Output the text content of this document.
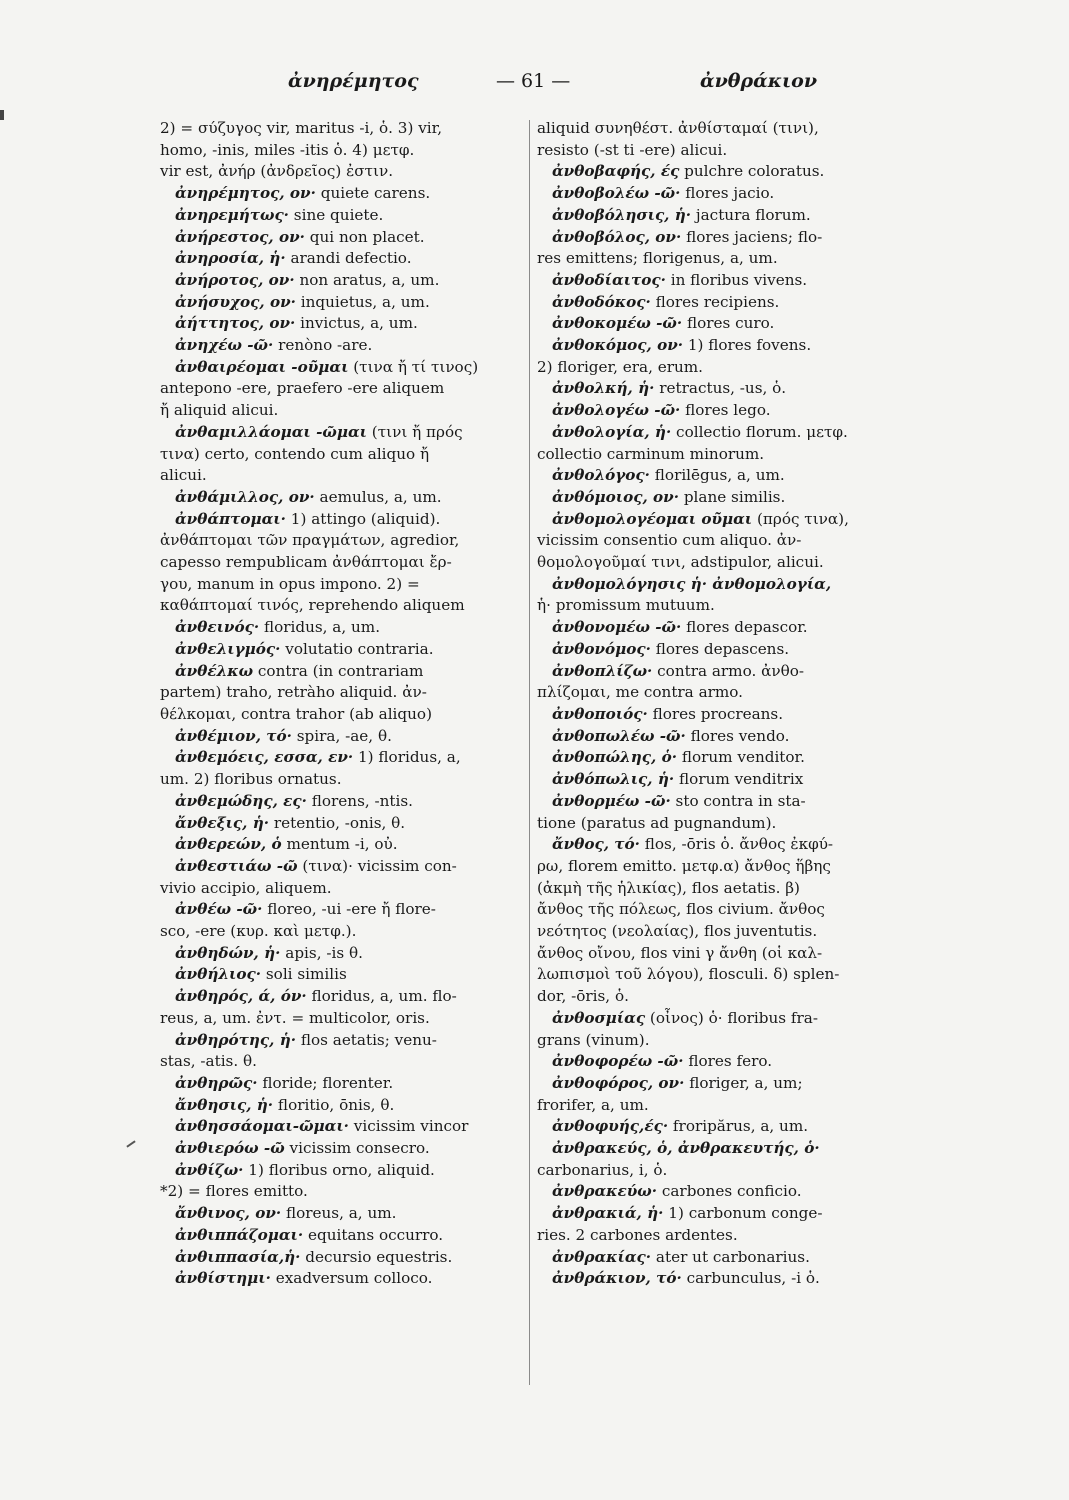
ἀνηρέμητος	— 61 —	ἀνθράκιον

2) = σύζυγος vir, maritus -i, ὁ. 3) vir,

homo, -inis, miles -itis ὁ. 4) μετφ.

vir est, ἀνήρ (ἀνδρεῖος) ἐστιν.

ἀνηρέμητος, ον· quiete carens.

ἀνηρεμήτως· sine quiete.

ἀνήρεστος, ον· qui non placet.

ἀνηροσία, ἡ· arandi defectio.

ἀνήροτος, ον· non aratus, a, um.

ἀνήσυχος, ον· inquietus, a, um.

ἀήττητος, ον· invictus, a, um.

ἀνηχέω -ῶ· renòno -are.

ἀνθαιρέομαι -οῦμαι (τινα ἤ τί τινος)

antepono -ere, praefero -ere aliquem

ἤ aliquid alicui.

ἀνθαμιλλάομαι -ῶμαι (τινι ἤ πρός

τινα) certo, contendo cum aliquo ἤ

alicui.

ἀνθάμιλλος, ον· aemulus, a, um.

ἀνθάπτομαι· 1) attingo (aliquid).

ἀνθάπτομαι τῶν πραγμάτων, agredior,

capesso rempublicam ἀνθάπτομαι ἔρ-

γου, manum in opus impono. 2) =

καθάπτομαί τινός, reprehendo aliquem

ἀνθεινός· floridus, a, um.

ἀνθελιγμός· volutatio contraria.

ἀνθέλκω contra (in contrariam

partem) traho, retràho aliquid. ἀν-

θέλκομαι, contra trahor (ab aliquo)

ἀνθέμιον, τό· spira, -ae, θ.

ἀνθεμόεις, εσσα, εν· 1) floridus, a,

um. 2) floribus ornatus.

ἀνθεμώδης, ες· florens, -ntis.

ἄνθεξις, ἡ· retentio, -onis, θ.

ἀνθερεών, ὁ mentum -i, οὐ.

ἀνθεστιάω -ῶ (τινα)· vicissim con-

vivio accipio, aliquem.

ἀνθέω -ῶ· floreo, -ui -ere ἤ flore-

sco, -ere (κυρ. καὶ μετφ.).

ἀνθηδών, ἡ· apis, -is θ.

ἀνθήλιος· soli similis

ἀνθηρός, ά, όν· floridus, a, um. flo-

reus, a, um. ἐντ. = multicolor, oris.

ἀνθηρότης, ἡ· flos aetatis; venu-

stas, -atis. θ.

ἀνθηρῶς· floride; florenter.

ἄνθησις, ἡ· floritio, ōnis, θ.

ἀνθησσάομαι-ῶμαι· vicissim vincor

ἀνθιερόω -ῶ vicissim consecro.

ἀνθίζω· 1) floribus orno, aliquid.

*2) = flores emitto.

ἄνθινος, ον· floreus, a, um.

ἀνθιππάζομαι· equitans occurro.

ἀνθιππασία,ἡ· decursio equestris.

ἀνθίστημι· exadversum colloco.

aliquid συνηθέστ. ἀνθίσταμαί (τινι),

resisto (-st ti -ere) alicui.

ἀνθοβαφής, ές pulchre coloratus.

ἀνθοβολέω -ῶ· flores jacio.

ἀνθοβόλησις, ἡ· jactura florum.

ἀνθοβόλος, ον· flores jaciens; flo-

res emittens; florigenus, a, um.

ἀνθοδίαιτος· in floribus vivens.

ἀνθοδόκος· flores recipiens.

ἀνθοκομέω -ῶ· flores curo.

ἀνθοκόμος, ον· 1) flores fovens.

2) floriger, era, erum.

ἀνθολκή, ἡ· retractus, -us, ὁ.

ἀνθολογέω -ῶ· flores lego.

ἀνθολογία, ἡ· collectio florum. μετφ.

collectio carminum minorum.

ἀνθολόγος· florilēgus, a, um.

ἀνθόμοιος, ον· plane similis.

ἀνθομολογέομαι οῦμαι (πρός τινα),

vicissim consentio cum aliquo. ἀν-

θομολογοῦμαί τινι, adstipulor, alicui.

ἀνθομολόγησις ἡ· ἀνθομολογία,

ἡ· promissum mutuum.

ἀνθονομέω -ῶ· flores depascor.

ἀνθονόμος· flores depascens.

ἀνθοπλίζω· contra armo. ἀνθο-

πλίζομαι, me contra armo.

ἀνθοποιός· flores procreans.

ἀνθοπωλέω -ῶ· flores vendo.

ἀνθοπώλης, ὁ· florum venditor.

ἀνθόπωλις, ἡ· florum venditrix

ἀνθορμέω -ῶ· sto contra in sta-

tione (paratus ad pugnandum).

ἄνθος, τό· flos, -ōris ὁ. ἄνθος ἐκφύ-

ρω, florem emitto. μετφ.α) ἄνθος ἥβης

(ἀκμὴ τῆς ἡλικίας), flos aetatis. β)

ἄνθος τῆς πόλεως, flos civium. ἄνθος

νεότητος (νεολαίας), flos juventutis.

ἄνθος οἴνου, flos vini γ ἄνθη (οἱ καλ-

λωπισμοὶ τοῦ λόγου), flosculi. δ) splen-

dor, -ōris, ὁ.

ἀνθοσμίας (οἶνος) ὁ· floribus fra-

grans (vinum).

ἀνθοφορέω -ῶ· flores fero.

ἀνθοφόρος, ον· floriger, a, um;

frorifer, a, um.

ἀνθοφυής,ές· froripărus, a, um.

ἀνθρακεύς, ὁ, ἀνθρακευτής, ὁ·

carbonarius, i, ὁ.

ἀνθρακεύω· carbones conficio.

ἀνθρακιά, ἡ· 1) carbonum conge-

ries. 2 carbones ardentes.

ἀνθρακίας· ater ut carbonarius.

ἀνθράκιον, τό· carbunculus, -i ὁ.
